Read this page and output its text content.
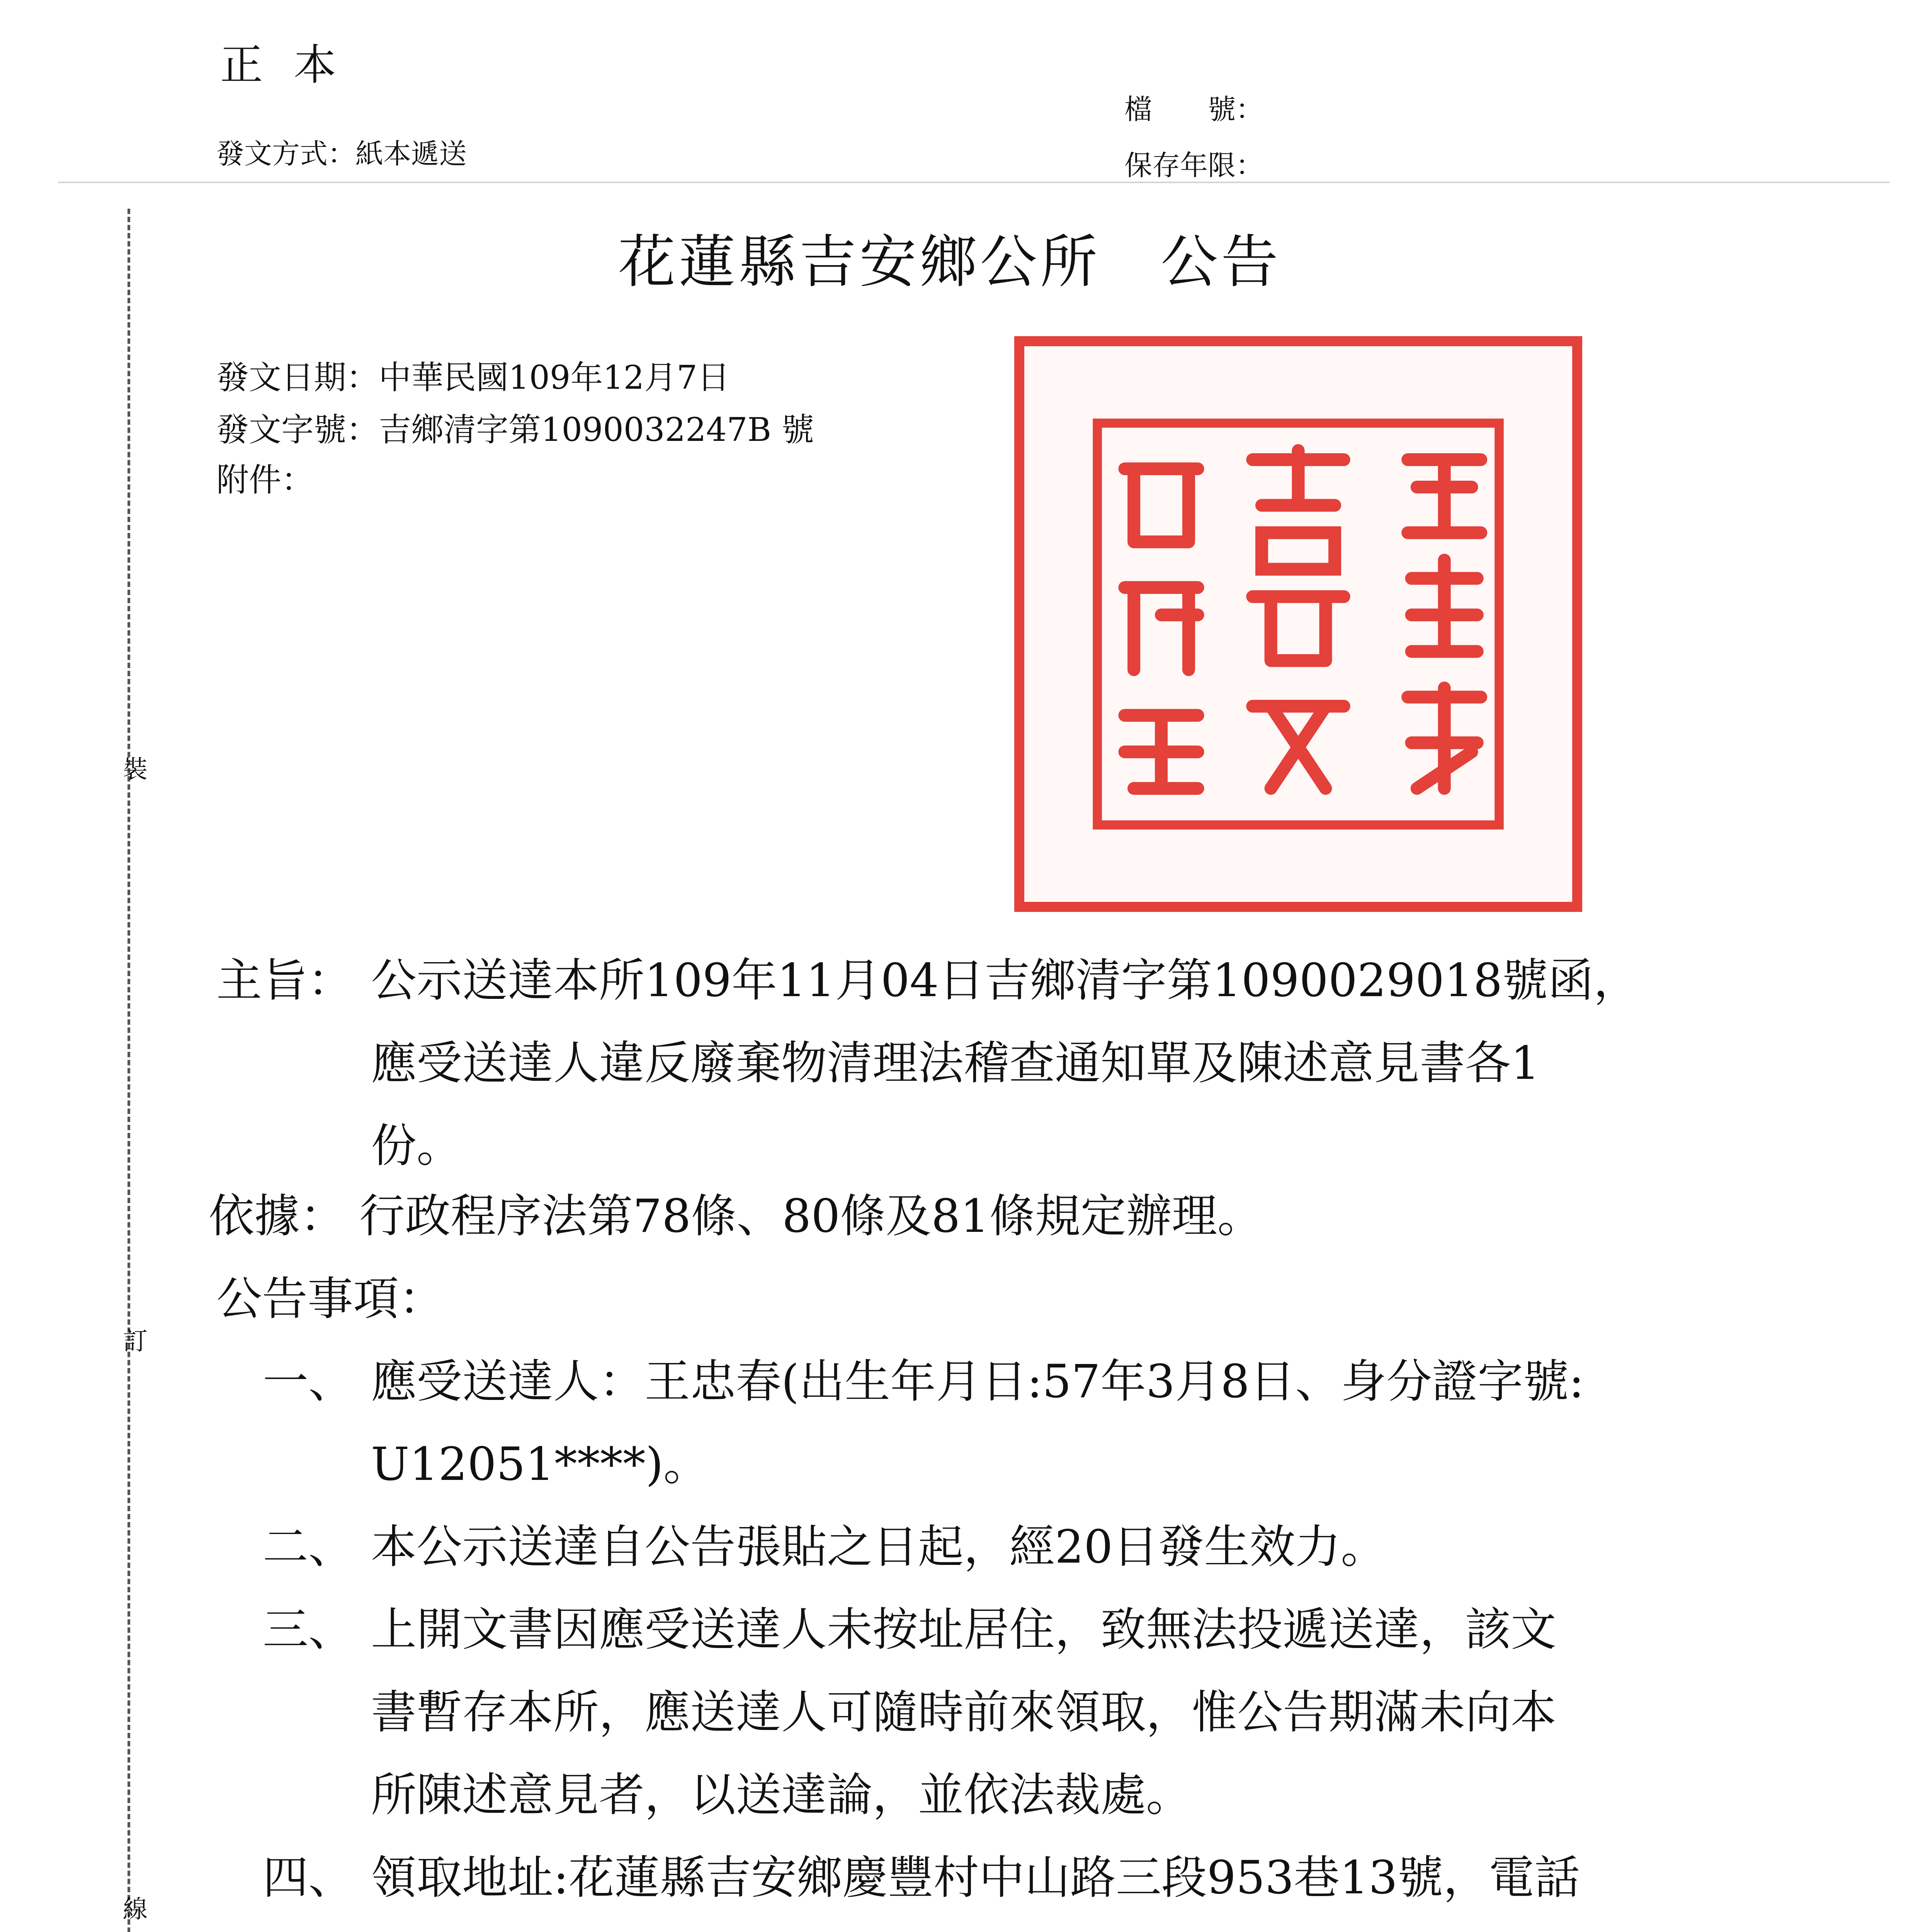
正本
發文方式：紙本遞送
檔　　號：
保存年限：
花蓮縣吉安鄉公所　公告
發文日期：中華民國109年12月7日
發文字號：吉鄉清字第1090032247B 號
附件：
裝
訂
線
主旨： 公示送達本所109年11月04日吉鄉清字第1090029018號函，
應受送達人違反廢棄物清理法稽查通知單及陳述意見書各1
份。
依據： 行政程序法第78條、80條及81條規定辦理。
公告事項：
一、 應受送達人：王忠春(出生年月日:57年3月8日、身分證字號:
U12051****)。
二、 本公示送達自公告張貼之日起，經20日發生效力。
三、 上開文書因應受送達人未按址居住，致無法投遞送達，該文
書暫存本所，應送達人可隨時前來領取，惟公告期滿未向本
所陳述意見者，以送達論，並依法裁處。
四、 領取地址:花蓮縣吉安鄉慶豐村中山路三段953巷13號，電話
